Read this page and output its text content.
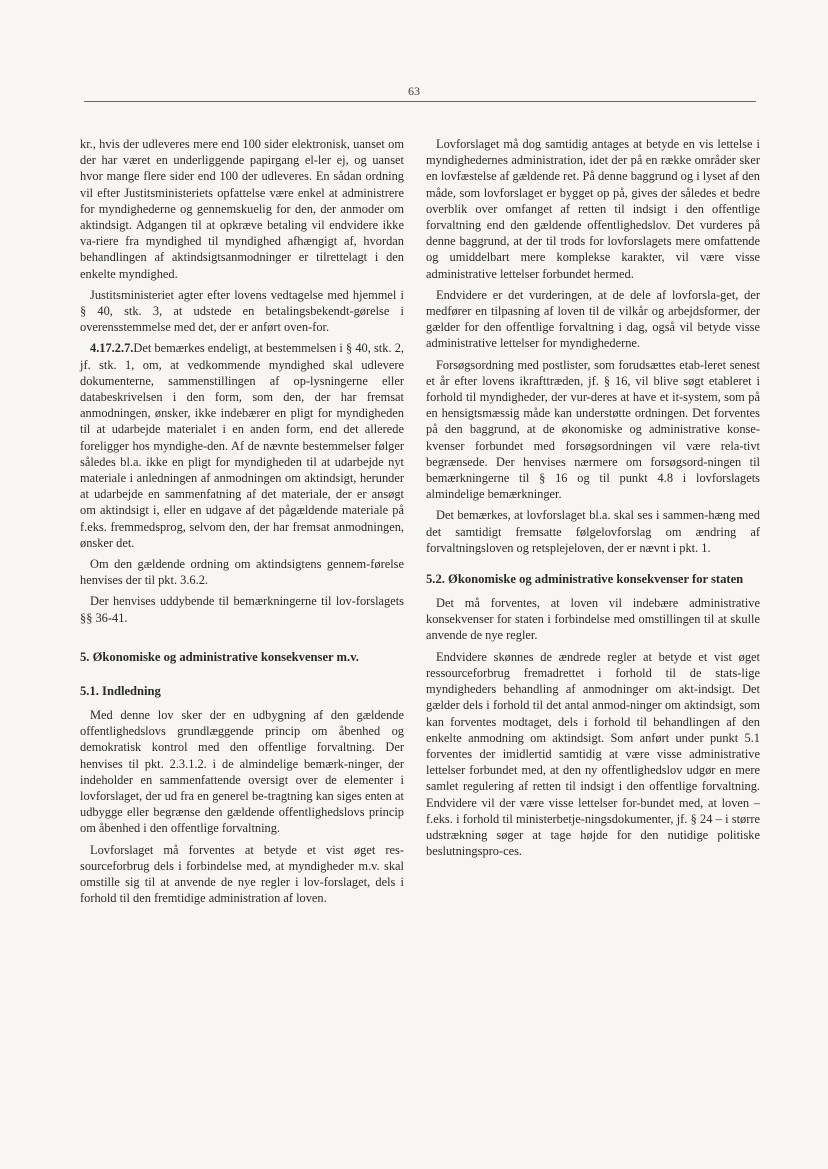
63

kr., hvis der udleveres mere end 100 sider elektronisk, uanset om der har været en underliggende papirgang el-ler ej, og uanset hvor mange flere sider end 100 der udleveres. En sådan ordning vil efter Justitsministeriets opfattelse være enkel at administrere for myndighederne og gennemskuelig for den, der anmoder om aktindsigt. Adgangen til at opkræve betaling vil endvidere ikke va-riere fra myndighed til myndighed afhængigt af, hvordan behandlingen af aktindsigtsanmodninger er tilrettelagt i den enkelte myndighed.

Justitsministeriet agter efter lovens vedtagelse med hjemmel i § 40, stk. 3, at udstede en betalingsbekendt-gørelse i overensstemmelse med det, der er anført oven-for.

4.17.2.7.Det bemærkes endeligt, at bestemmelsen i § 40, stk. 2, jf. stk. 1, om, at vedkommende myndighed skal udlevere dokumenterne, sammenstillingen af op-lysningerne eller databeskrivelsen i den form, som den, der har fremsat anmodningen, ønsker, ikke indebærer en pligt for myndigheden til at udarbejde materialet i en anden form, end det allerede foreligger hos myndighe-den. Af de nævnte bestemmelser følger således bl.a. ikke en pligt for myndigheden til at udarbejde nyt materiale i anledningen af anmodningen om aktindsigt, herunder at udarbejde en sammenfatning af det materiale, der er ansøgt om aktindsigt i, eller en udgave af det pågældende materiale på f.eks. fremmedsprog, selvom den, der har fremsat anmodningen, ønsker det.

Om den gældende ordning om aktindsigtens gennem-førelse henvises der til pkt. 3.6.2.

Der henvises uddybende til bemærkningerne til lov-forslagets §§ 36-41.

5. Økonomiske og administrative konsekvenser m.v.
5.1. Indledning

Med denne lov sker der en udbygning af den gældende offentlighedslovs grundlæggende princip om åbenhed og demokratisk kontrol med den offentlige forvaltning. Der henvises til pkt. 2.3.1.2. i de almindelige bemærk-ninger, der indeholder en sammenfattende oversigt over de elementer i lovforslaget, der ud fra en generel be-tragtning kan siges enten at udbygge eller begrænse den gældende offentlighedslovs princip om åbenhed i den offentlige forvaltning.

Lovforslaget må forventes at betyde et vist øget res-sourceforbrug dels i forbindelse med, at myndigheder m.v. skal omstille sig til at anvende de nye regler i lov-forslaget, dels i forhold til den fremtidige administration af loven.

Lovforslaget må dog samtidig antages at betyde en vis lettelse i myndighedernes administration, idet der på en række områder sker en lovfæstelse af gældende ret. På denne baggrund og i lyset af den måde, som lovforslaget er bygget op på, gives der således et bedre overblik over omfanget af retten til indsigt i den offentlige forvaltning end den gældende offentlighedslov. Det vurderes på denne baggrund, at der til trods for lovforslagets mere omfattende og umiddelbart mere komplekse karakter, vil være visse administrative lettelser forbundet hermed.

Endvidere er det vurderingen, at de dele af lovforsla-get, der medfører en tilpasning af loven til de vilkår og arbejdsformer, der gælder for den offentlige forvaltning i dag, også vil betyde visse administrative lettelser for myndighederne.

Forsøgsordning med postlister, som forudsættes etab-leret senest et år efter lovens ikrafttræden, jf. § 16, vil blive søgt etableret i forhold til myndigheder, der vur-deres at have et it-system, som på en hensigtsmæssig måde kan understøtte ordningen. Det forventes på den baggrund, at de økonomiske og administrative konse-kvenser forbundet med forsøgsordningen vil være rela-tivt begrænsede. Der henvises nærmere om forsøgsord-ningen til bemærkningerne til § 16 og til punkt 4.8 i lovforslagets almindelige bemærkninger.

Det bemærkes, at lovforslaget bl.a. skal ses i sammen-hæng med det samtidigt fremsatte følgelovforslag om ændring af forvaltningsloven og retsplejeloven, der er nævnt i pkt. 1.

5.2. Økonomiske og administrative konsekvenser for staten

Det må forventes, at loven vil indebære administrative konsekvenser for staten i forbindelse med omstillingen til at skulle anvende de nye regler.

Endvidere skønnes de ændrede regler at betyde et vist øget ressourceforbrug fremadrettet i forhold til de stats-lige myndigheders behandling af anmodninger om akt-indsigt. Det gælder dels i forhold til det antal anmod-ninger om aktindsigt, som kan forventes modtaget, dels i forhold til behandlingen af den enkelte anmodning om aktindsigt. Som anført under punkt 5.1 forventes der imidlertid samtidig at være visse administrative lettelser forbundet med, at den ny offentlighedslov udgør en mere samlet regulering af retten til indsigt i den offentlige forvaltning. Endvidere vil der være visse lettelser for-bundet med, at loven – f.eks. i forhold til ministerbetje-ningsdokumenter, jf. § 24 – i større udstrækning søger at tage højde for den nutidige politiske beslutningspro-ces.
